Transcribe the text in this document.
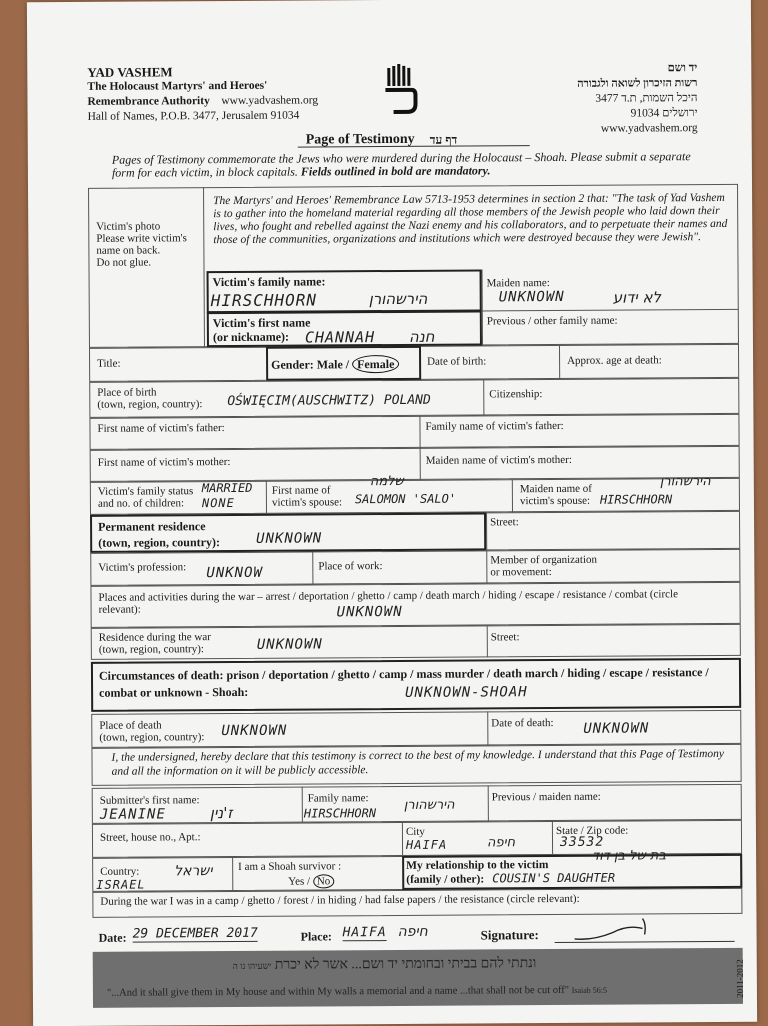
YAD VASHEM
The Holocaust Martyrs' and Heroes'
Remembrance Authority www.yadvashem.org
Hall of Names, P.O.B. 3477, Jerusalem 91034
יד ושם
רשות הזיכרון לשואה ולגבורה
היכל השמות, ת.ד 3477
ירושלים 91034
www.yadvashem.org
Page of Testimony דף עד
Pages of Testimony commemorate the Jews who were murdered during the Holocaust – Shoah. Please submit a separate form for each victim, in block capitals. Fields outlined in bold are mandatory.
Victim's photo
Please write victim's
name on back.
Do not glue.
The Martyrs' and Heroes' Remembrance Law 5713-1953 determines in section 2 that: "The task of Yad Vashem is to gather into the homeland material regarding all those members of the Jewish people who laid down their lives, who fought and rebelled against the Nazi enemy and his collaborators, and to perpetuate their names and those of the communities, organizations and institutions which were destroyed because they were Jewish".
Victim's family name:
HIRSCHHORN	הירשהורן
Victim's first name
(or nickname):	CHANNAH חנה
Maiden name:
UNKNOWN	לא ידוע
Previous / other family name:
Title:	Gender: Male / Female	Date of birth:	Approx. age at death:
Place of birth
(town, region, country): OŚWIĘCIM(AUSCHWITZ) POLAND	Citizenship:
First name of victim's father:	Family name of victim's father:
First name of victim's mother:	Maiden name of victim's mother:
Victim's family status
and no. of children:
MARRIED
NONE
First name of
victim's spouse:
שלמה
SALOMON 'SALO'
Maiden name of
victim's spouse:
הירשהורן
HIRSCHHORN
Permanent residence
(town, region, country):	UNKNOWN
Street:
Victim's profession: UNKNOW	Place of work:	Member of organization
or movement:
Places and activities during the war – arrest / deportation / ghetto / camp / death march / hiding / escape / resistance / combat (circle relevant):	UNKNOWN
Residence during the war
(town, region, country):	UNKNOWN	Street:
Circumstances of death: prison / deportation / ghetto / camp / mass murder / death march / hiding / escape / resistance / combat or unknown - Shoah:	UNKNOWN-SHOAH
Place of death
(town, region, country): UNKNOWN	Date of death: UNKNOWN
I, the undersigned, hereby declare that this testimony is correct to the best of my knowledge. I understand that this Page of Testimony and all the information on it will be publicly accessible.
Submitter's first name:
JEANINE	ז'נין
Family name:
HIRSCHHORN
הירשהורן
Previous / maiden name:
Street, house no., Apt.:	City
HAIFA	חיפה
State / Zip code:
33532
Country:
ISRAEL
ישראל I am a Shoah survivor :
Yes / No
My relationship to the victim
(family / other):
בת של בן דוד
COUSIN'S DAUGHTER
During the war I was in a camp / ghetto / forest / in hiding / had false papers / the resistance (circle relevant):
Date: 29 DECEMBER 2017	Place: HAIFA חיפה	Signature:
ונתתי להם בביתי ובחומתי יד ושם... אשר לא יכרת ישעיהו נו ה
"...And it shall give them in My house and within My walls a memorial and a name ...that shall not be cut off" Isaiah 56:5	2011-2012
